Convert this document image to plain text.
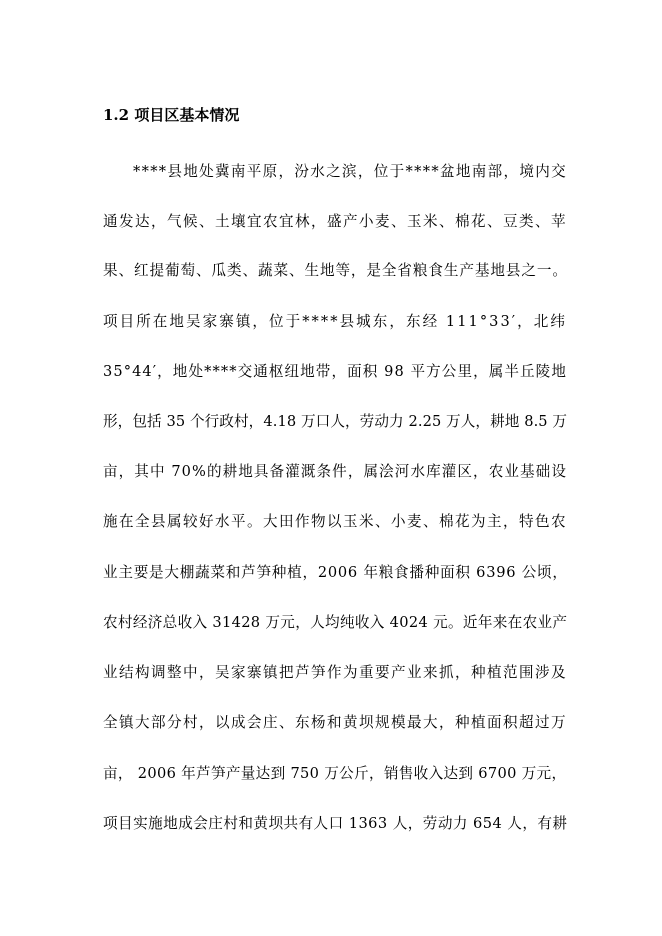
1.2 项目区基本情况
****县地处冀南平原，汾水之滨，位于****盆地南部，境内交
通发达，气候、土壤宜农宜林，盛产小麦、玉米、棉花、豆类、苹
果、红提葡萄、瓜类、蔬菜、生地等，是全省粮食生产基地县之一。
项目所在地吴家寨镇，位于****县城东，东经 111°33′，北纬
35°44′，地处****交通枢纽地带，面积 98 平方公里，属半丘陵地
形，包括 35 个行政村，4.18 万口人，劳动力 2.25 万人，耕地 8.5 万
亩，其中 70%的耕地具备灌溉条件，属浍河水库灌区，农业基础设
施在全县属较好水平。大田作物以玉米、小麦、棉花为主，特色农
业主要是大棚蔬菜和芦笋种植，2006 年粮食播种面积 6396 公顷，
农村经济总收入 31428 万元，人均纯收入 4024 元。近年来在农业产
业结构调整中，吴家寨镇把芦笋作为重要产业来抓，种植范围涉及
全镇大部分村，以成会庄、东杨和黄坝规模最大，种植面积超过万
亩， 2006 年芦笋产量达到 750 万公斤，销售收入达到 6700 万元，
项目实施地成会庄村和黄坝共有人口 1363 人，劳动力 654 人，有耕
